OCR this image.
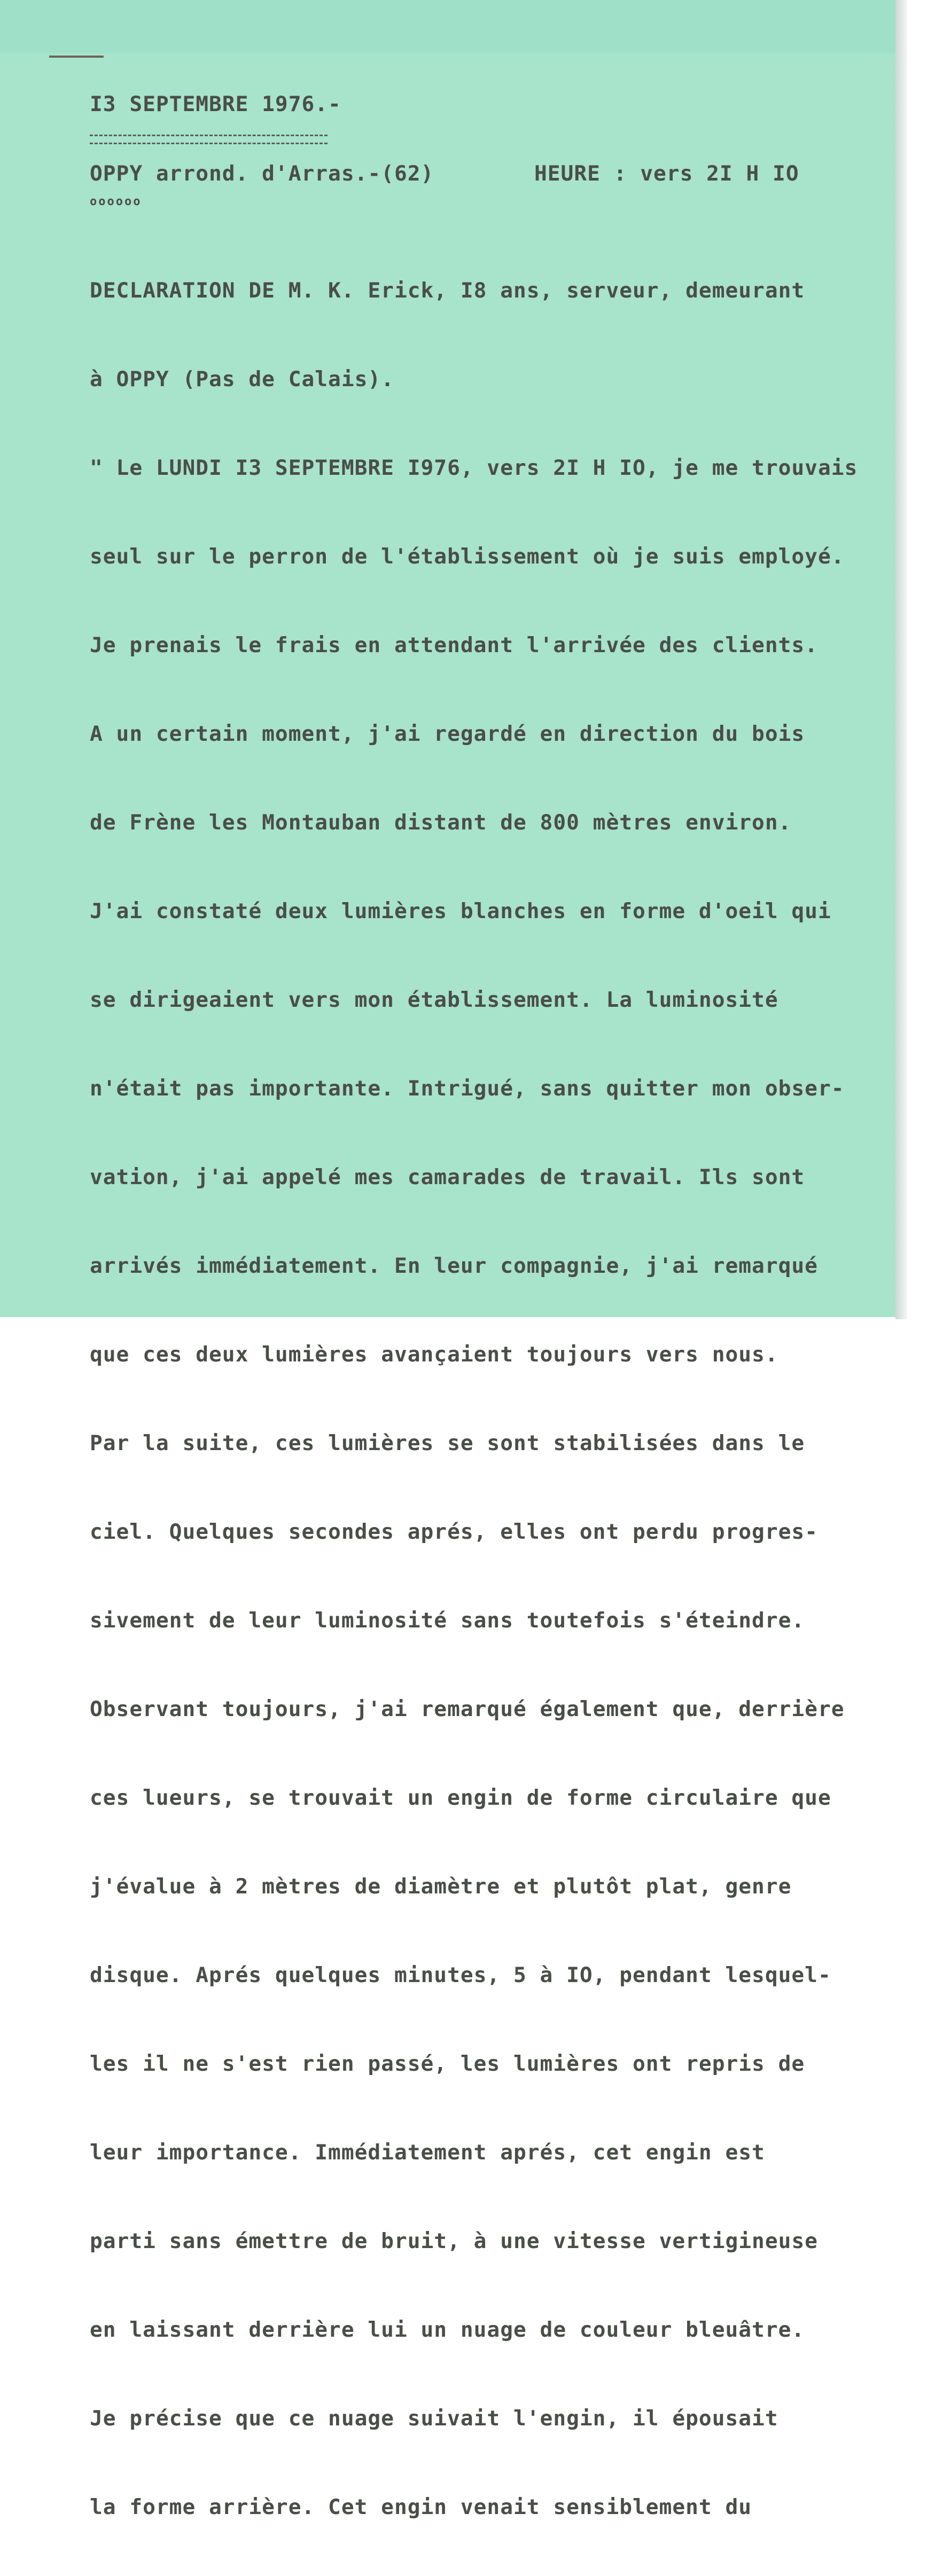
I3 SEPTEMBRE 1976.-

OPPY arrond. d'Arras.-(62)

	HEURE : vers 2I H IO

oooooo

DECLARATION DE M. K. Erick, I8 ans, serveur, demeurant

à OPPY (Pas de Calais).

" Le LUNDI I3 SEPTEMBRE I976, vers 2I H IO, je me trouvais

seul sur le perron de l'établissement où je suis employé.

Je prenais le frais en attendant l'arrivée des clients.

A un certain moment, j'ai regardé en direction du bois

de Frène les Montauban distant de 800 mètres environ.

J'ai constaté deux lumières blanches en forme d'oeil qui

se dirigeaient vers mon établissement. La luminosité

n'était pas importante. Intrigué, sans quitter mon obser-

vation, j'ai appelé mes camarades de travail. Ils sont

arrivés immédiatement. En leur compagnie, j'ai remarqué

que ces deux lumières avançaient toujours vers nous.

Par la suite, ces lumières se sont stabilisées dans le

ciel. Quelques secondes aprés, elles ont perdu progres-

sivement de leur luminosité sans toutefois s'éteindre.

Observant toujours, j'ai remarqué également que, derrière

ces lueurs, se trouvait un engin de forme circulaire que

j'évalue à 2 mètres de diamètre et plutôt plat, genre

disque. Aprés quelques minutes, 5 à IO, pendant lesquel-

les il ne s'est rien passé, les lumières ont repris de

leur importance. Immédiatement aprés, cet engin est

parti sans émettre de bruit, à une vitesse vertigineuse

en laissant derrière lui un nuage de couleur bleuâtre.

Je précise que ce nuage suivait l'engin, il épousait

la forme arrière. Cet engin venait sensiblement du
